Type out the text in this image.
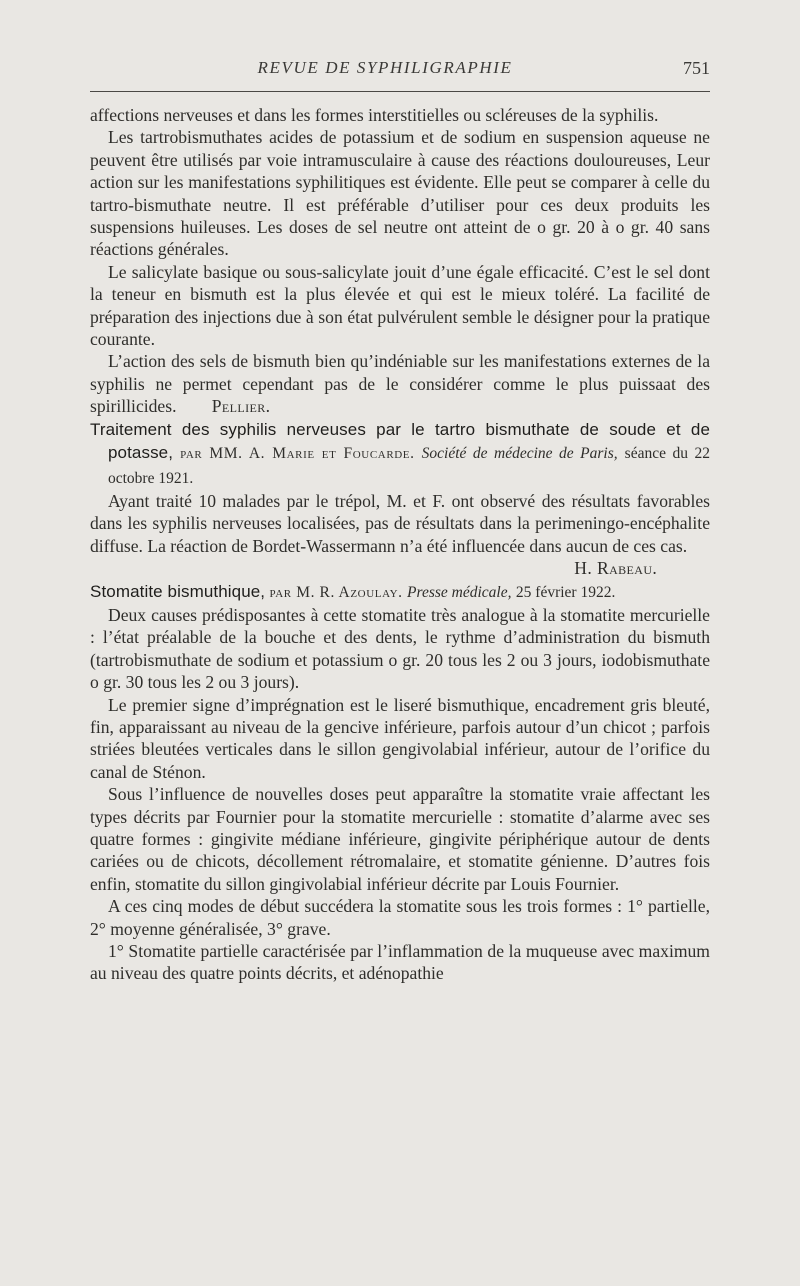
REVUE DE SYPHILIGRAPHIE	751

affections nerveuses et dans les formes interstitielles ou scléreuses de la syphilis.

Les tartrobismuthates acides de potassium et de sodium en suspension aqueuse ne peuvent être utilisés par voie intramusculaire à cause des réactions douloureuses, Leur action sur les manifestations syphilitiques est évidente. Elle peut se comparer à celle du tartro-bismuthate neutre. Il est préférable d’utiliser pour ces deux produits les suspensions huileuses. Les doses de sel neutre ont atteint de o gr. 20 à o gr. 40 sans réactions générales.

Le salicylate basique ou sous-salicylate jouit d’une égale efficacité. C’est le sel dont la teneur en bismuth est la plus élevée et qui est le mieux toléré. La facilité de préparation des injections due à son état pulvérulent semble le désigner pour la pratique courante.

L’action des sels de bismuth bien qu’indéniable sur les manifestations externes de la syphilis ne permet cependant pas de le considérer comme le plus puissaat des spirillicides. Pellier.

Traitement des syphilis nerveuses par le tartro bismuthate de soude et de potasse, par MM. A. Marie et Foucarde. Société de médecine de Paris, séance du 22 octobre 1921.

Ayant traité 10 malades par le trépol, M. et F. ont observé des résultats favorables dans les syphilis nerveuses localisées, pas de résultats dans la perimeningo-encéphalite diffuse. La réaction de Bordet-Wassermann n’a été influencée dans aucun de ces cas.

H. Rabeau.

Stomatite bismuthique, par M. R. Azoulay. Presse médicale, 25 février 1922.

Deux causes prédisposantes à cette stomatite très analogue à la stomatite mercurielle : l’état préalable de la bouche et des dents, le rythme d’administration du bismuth (tartrobismuthate de sodium et potassium o gr. 20 tous les 2 ou 3 jours, iodobismuthate o gr. 30 tous les 2 ou 3 jours).

Le premier signe d’imprégnation est le liseré bismuthique, encadrement gris bleuté, fin, apparaissant au niveau de la gencive inférieure, parfois autour d’un chicot ; parfois striées bleutées verticales dans le sillon gengivolabial inférieur, autour de l’orifice du canal de Sténon.

Sous l’influence de nouvelles doses peut apparaître la stomatite vraie affectant les types décrits par Fournier pour la stomatite mercurielle : stomatite d’alarme avec ses quatre formes : gingivite médiane inférieure, gingivite périphérique autour de dents cariées ou de chicots, décollement rétromalaire, et stomatite génienne. D’autres fois enfin, stomatite du sillon gingivolabial inférieur décrite par Louis Fournier.

A ces cinq modes de début succédera la stomatite sous les trois formes : 1° partielle, 2° moyenne généralisée, 3° grave.

1° Stomatite partielle caractérisée par l’inflammation de la muqueuse avec maximum au niveau des quatre points décrits, et adénopathie
